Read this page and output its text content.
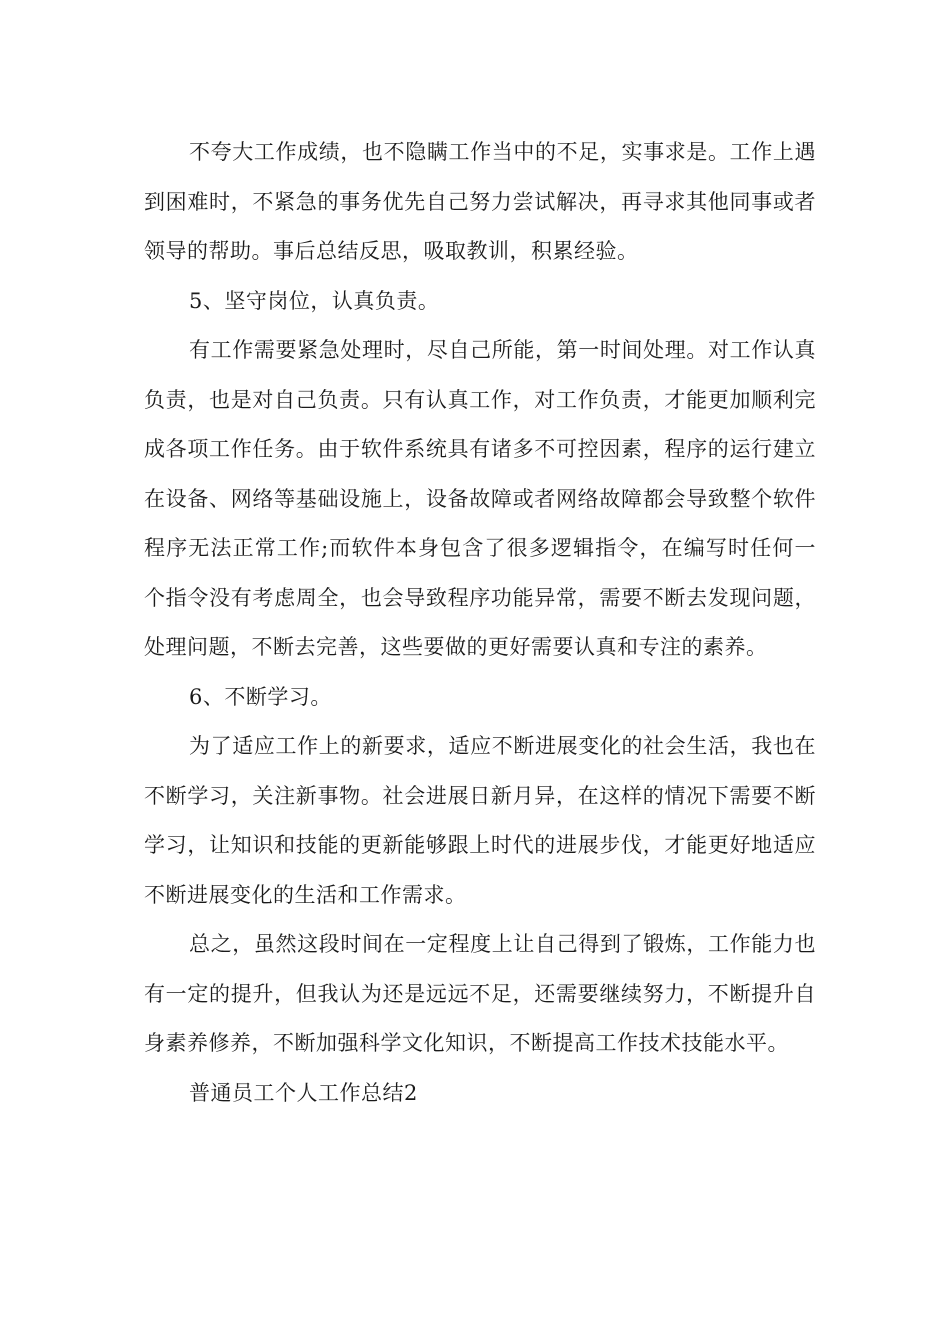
不夸大工作成绩，也不隐瞒工作当中的不足，实事求是。工作上遇到困难时，不紧急的事务优先自己努力尝试解决，再寻求其他同事或者领导的帮助。事后总结反思，吸取教训，积累经验。

5、坚守岗位，认真负责。

有工作需要紧急处理时，尽自己所能，第一时间处理。对工作认真负责，也是对自己负责。只有认真工作，对工作负责，才能更加顺利完成各项工作任务。由于软件系统具有诸多不可控因素，程序的运行建立在设备、网络等基础设施上，设备故障或者网络故障都会导致整个软件程序无法正常工作;而软件本身包含了很多逻辑指令，在编写时任何一个指令没有考虑周全，也会导致程序功能异常，需要不断去发现问题，处理问题，不断去完善，这些要做的更好需要认真和专注的素养。

6、不断学习。

为了适应工作上的新要求，适应不断进展变化的社会生活，我也在不断学习，关注新事物。社会进展日新月异，在这样的情况下需要不断学习，让知识和技能的更新能够跟上时代的进展步伐，才能更好地适应不断进展变化的生活和工作需求。

总之，虽然这段时间在一定程度上让自己得到了锻炼，工作能力也有一定的提升，但我认为还是远远不足，还需要继续努力，不断提升自身素养修养，不断加强科学文化知识，不断提高工作技术技能水平。

普通员工个人工作总结2
